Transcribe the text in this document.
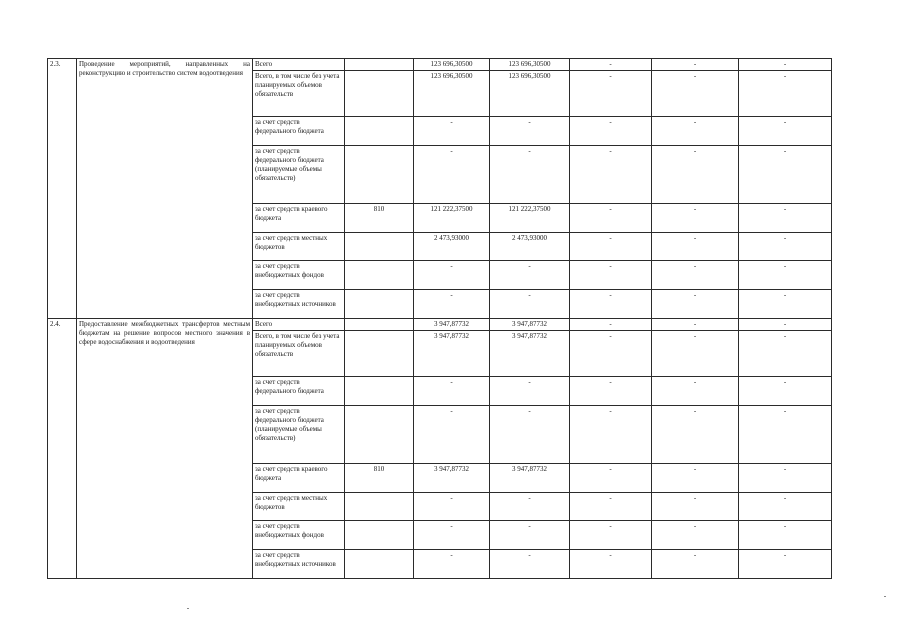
2.3.	Проведение мероприятий, направленных на реконструкцию и строительство систем водоотведения	Всего		123 696,30500	123 696,30500	-	-	-
		Всего, в том числе без учета планируемых объемов обязательств		123 696,30500	123 696,30500	-	-	-
		за счет средств федерального бюджета		-	-	-	-	-
		за счет средств федерального бюджета (планируемые объемы обязательств)		-	-	-	-	-
		за счет средств краевого бюджета	810	121 222,37500	121 222,37500	-	-	-
		за счет средств местных бюджетов		2 473,93000	2 473,93000	-	-	-
		за счет средств внебюджетных фондов		-	-	-	-	-
		за счет средств внебюджетных источников		-	-	-	-	-
2.4.	Предоставление межбюджетных трансфертов местным бюджетам на решение вопросов местного значения в сфере водоснабжения и водоотведения	Всего		3 947,87732	3 947,87732	-	-	-
		Всего, в том числе без учета планируемых объемов обязательств		3 947,87732	3 947,87732	-	-	-
		за счет средств федерального бюджета		-	-	-	-	-
		за счет средств федерального бюджета (планируемые объемы обязательств)		-	-	-	-	-
		за счет средств краевого бюджета	810	3 947,87732	3 947,87732	-	-	-
		за счет средств местных бюджетов		-	-	-	-	-
		за счет средств внебюджетных фондов		-	-	-	-	-
		за счет средств внебюджетных источников		-	-	-	-	-
